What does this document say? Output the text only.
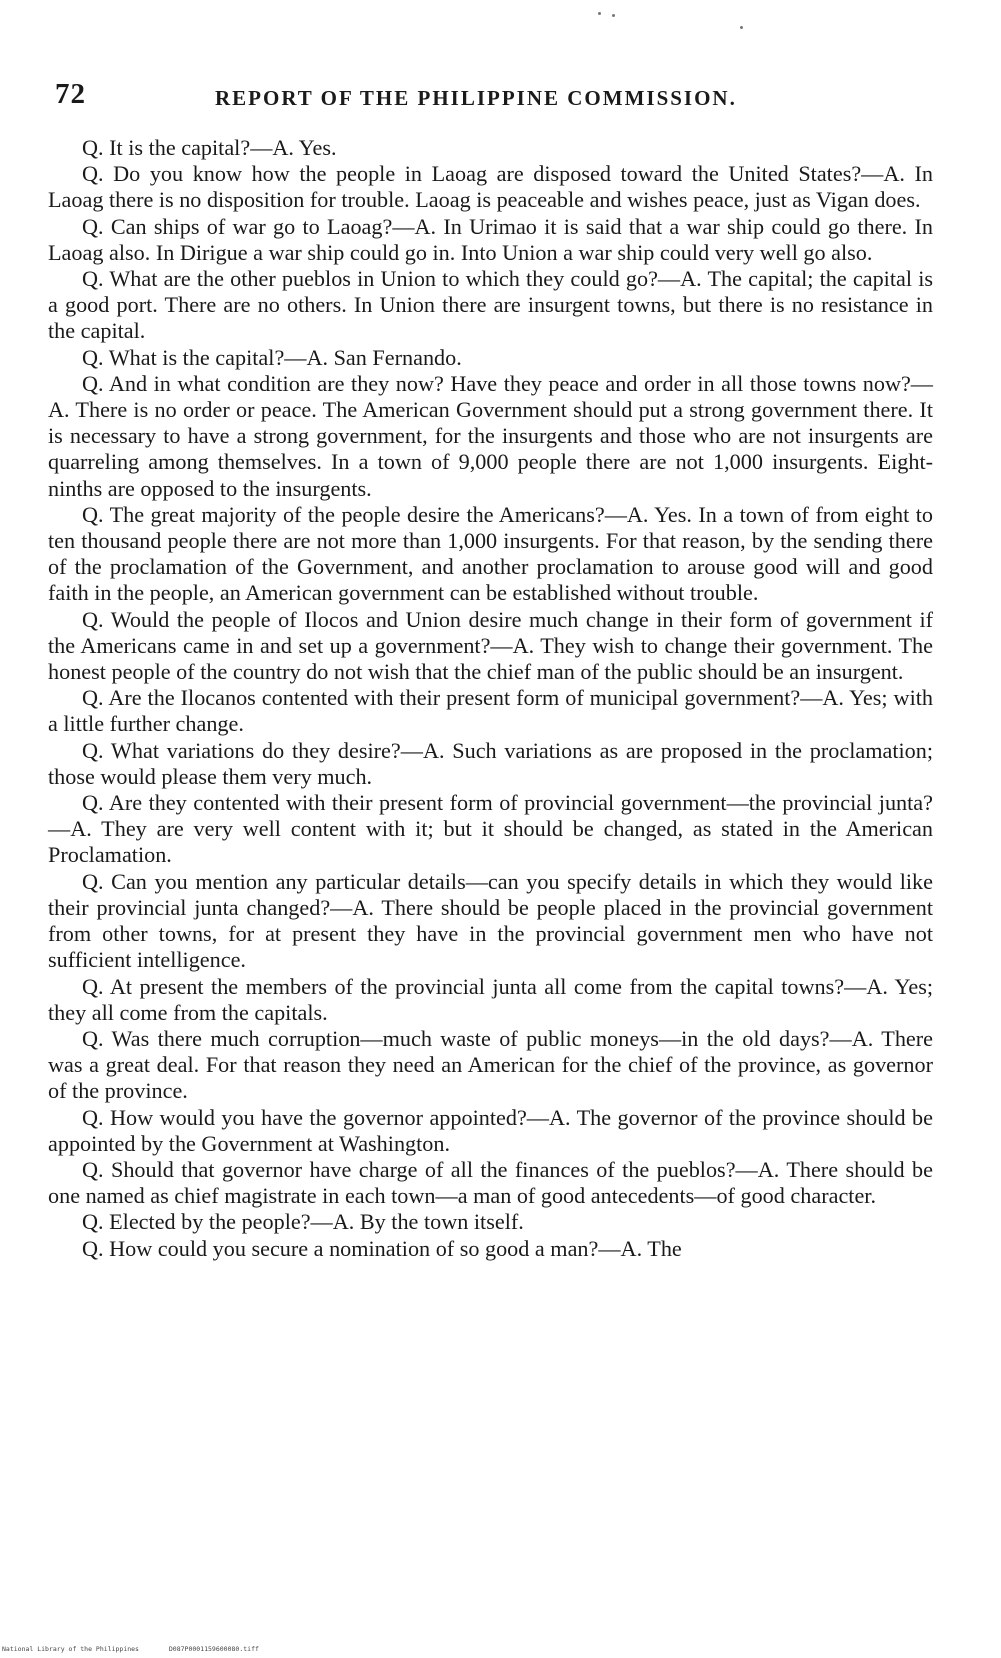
72	REPORT OF THE PHILIPPINE COMMISSION.

Q. It is the capital?—A. Yes.

Q. Do you know how the people in Laoag are disposed toward the United States?—A. In Laoag there is no disposition for trouble. Laoag is peaceable and wishes peace, just as Vigan does.

Q. Can ships of war go to Laoag?—A. In Urimao it is said that a war ship could go there. In Laoag also. In Dirigue a war ship could go in. Into Union a war ship could very well go also.

Q. What are the other pueblos in Union to which they could go?—A. The capital; the capital is a good port. There are no others. In Union there are insurgent towns, but there is no resistance in the capital.

Q. What is the capital?—A. San Fernando.

Q. And in what condition are they now? Have they peace and order in all those towns now?—A. There is no order or peace. The American Government should put a strong government there. It is necessary to have a strong government, for the insurgents and those who are not insurgents are quarreling among themselves. In a town of 9,000 people there are not 1,000 insurgents. Eight-ninths are opposed to the insurgents.

Q. The great majority of the people desire the Americans?—A. Yes. In a town of from eight to ten thousand people there are not more than 1,000 insurgents. For that reason, by the sending there of the proclamation of the Government, and another proclamation to arouse good will and good faith in the people, an American government can be established without trouble.

Q. Would the people of Ilocos and Union desire much change in their form of government if the Americans came in and set up a government?—A. They wish to change their government. The honest people of the country do not wish that the chief man of the public should be an insurgent.

Q. Are the Ilocanos contented with their present form of municipal government?—A. Yes; with a little further change.

Q. What variations do they desire?—A. Such variations as are proposed in the proclamation; those would please them very much.

Q. Are they contented with their present form of provincial government—the provincial junta?—A. They are very well content with it; but it should be changed, as stated in the American Proclamation.

Q. Can you mention any particular details—can you specify details in which they would like their provincial junta changed?—A. There should be people placed in the provincial government from other towns, for at present they have in the provincial government men who have not sufficient intelligence.

Q. At present the members of the provincial junta all come from the capital towns?—A. Yes; they all come from the capitals.

Q. Was there much corruption—much waste of public moneys—in the old days?—A. There was a great deal. For that reason they need an American for the chief of the province, as governor of the province.

Q. How would you have the governor appointed?—A. The governor of the province should be appointed by the Government at Washington.

Q. Should that governor have charge of all the finances of the pueblos?—A. There should be one named as chief magistrate in each town—a man of good antecedents—of good character.

Q. Elected by the people?—A. By the town itself.

Q. How could you secure a nomination of so good a man?—A. The

National Library of the Philippines	D087P0001159600080.tiff
